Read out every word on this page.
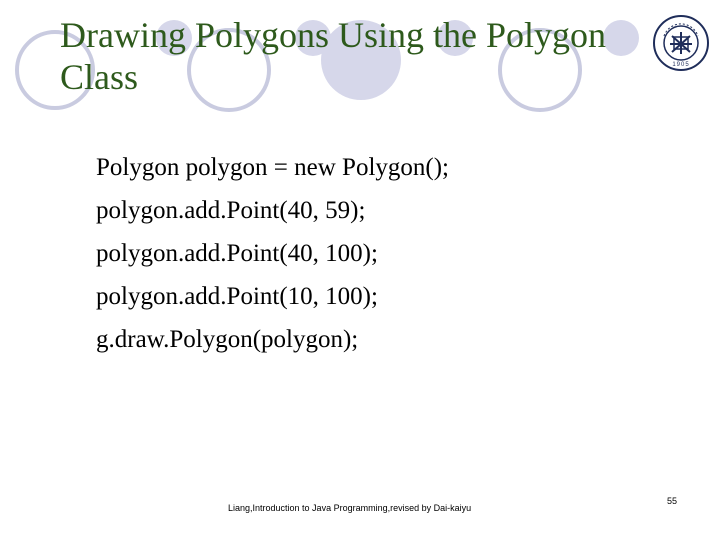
Drawing Polygons Using the Polygon Class	1905
Polygon polygon = new Polygon();
polygon.add.Point(40, 59);
polygon.add.Point(40, 100);
polygon.add.Point(10, 100);
g.draw.Polygon(polygon);
Liang,Introduction to Java Programming,revised by Dai-kaiyu
55
